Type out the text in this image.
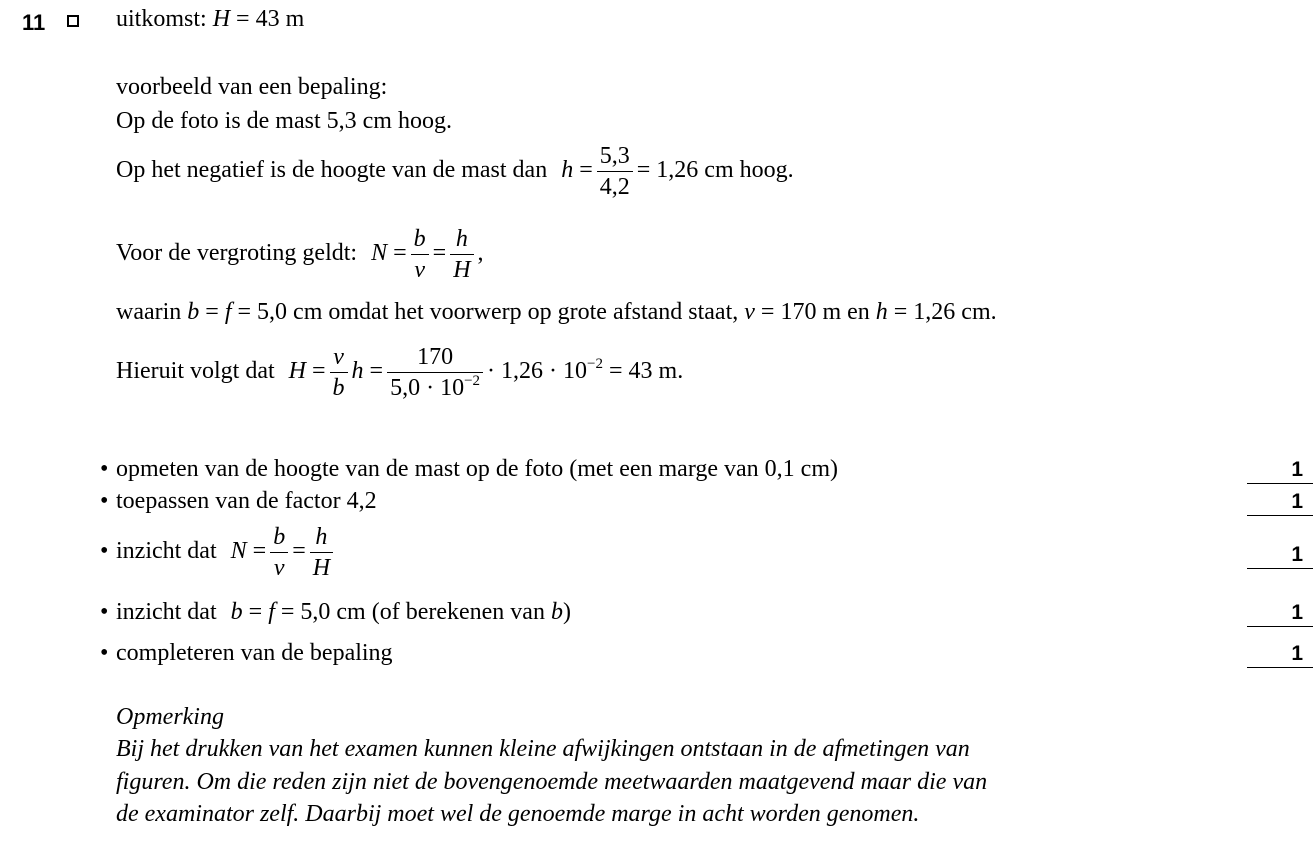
11	uitkomst: H = 43 m
voorbeeld van een bepaling:
Op de foto is de mast 5,3 cm hoog.
Op het negatief is de hoogte van de mast dan $h = \frac{5,3}{4,2} = 1,26$ cm hoog.
Voor de vergroting geldt: $N = \frac{b}{v} = \frac{h}{H}$ ,
waarin b = f = 5,0 cm omdat het voorwerp op grote afstand staat, v = 170 m en h = 1,26 cm.
Hieruit volgt dat $H = \frac{v}{b}$ $h = \frac{170}{5,0 \cdot 10^{-2}} \cdot 1,26 \cdot 10^{-2} = 43$ m.
• opmeten van de hoogte van de mast op de foto (met een marge van 0,1 cm)	1
• toepassen van de factor 4,2	1
• inzicht dat $N = \frac{b}{v} = \frac{h}{H}$	1
• inzicht dat b = f = 5,0 cm (of berekenen van b)	1
• completeren van de bepaling	1
Opmerking
Bij het drukken van het examen kunnen kleine afwijkingen ontstaan in de afmetingen van
figuren. Om die reden zijn niet de bovengenoemde meetwaarden maatgevend maar die van
de examinator zelf. Daarbij moet wel de genoemde marge in acht worden genomen.
